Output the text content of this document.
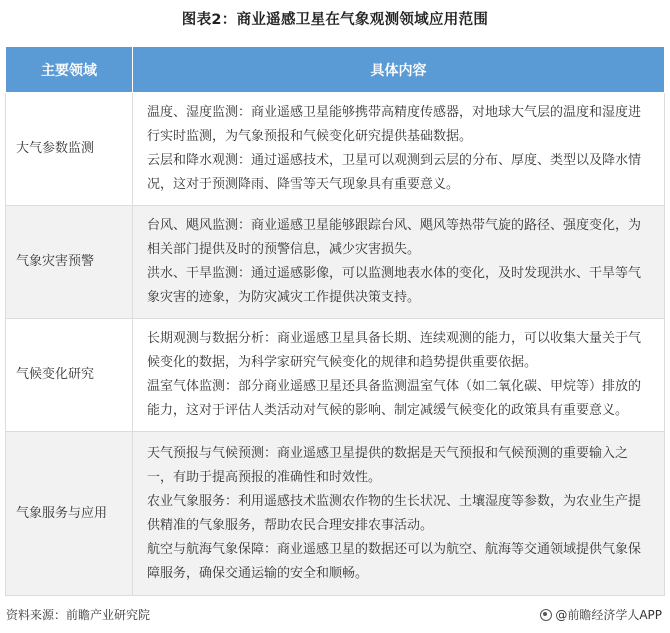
图表2：商业遥感卫星在气象观测领域应用范围
主要领域	具体内容
大气参数监测	温度、湿度监测：商业遥感卫星能够携带高精度传感器，对地球大气层的温度和湿度进行实时监测，为气象预报和气候变化研究提供基础数据。
云层和降水观测：通过遥感技术，卫星可以观测到云层的分布、厚度、类型以及降水情况，这对于预测降雨、降雪等天气现象具有重要意义。

气象灾害预警	台风、飓风监测：商业遥感卫星能够跟踪台风、飓风等热带气旋的路径、强度变化，为相关部门提供及时的预警信息，减少灾害损失。
洪水、干旱监测：通过遥感影像，可以监测地表水体的变化，及时发现洪水、干旱等气象灾害的迹象，为防灾减灾工作提供决策支持。

气候变化研究	长期观测与数据分析：商业遥感卫星具备长期、连续观测的能力，可以收集大量关于气候变化的数据，为科学家研究气候变化的规律和趋势提供重要依据。
温室气体监测：部分商业遥感卫星还具备监测温室气体（如二氧化碳、甲烷等）排放的能力，这对于评估人类活动对气候的影响、制定减缓气候变化的政策具有重要意义。

气象服务与应用	天气预报与气候预测：商业遥感卫星提供的数据是天气预报和气候预测的重要输入之一，有助于提高预报的准确性和时效性。
农业气象服务：利用遥感技术监测农作物的生长状况、土壤湿度等参数，为农业生产提供精准的气象服务，帮助农民合理安排农事活动。
航空与航海气象保障：商业遥感卫星的数据还可以为航空、航海等交通领域提供气象保障服务，确保交通运输的安全和顺畅。
资料来源：前瞻产业研究院	@前瞻经济学人APP
